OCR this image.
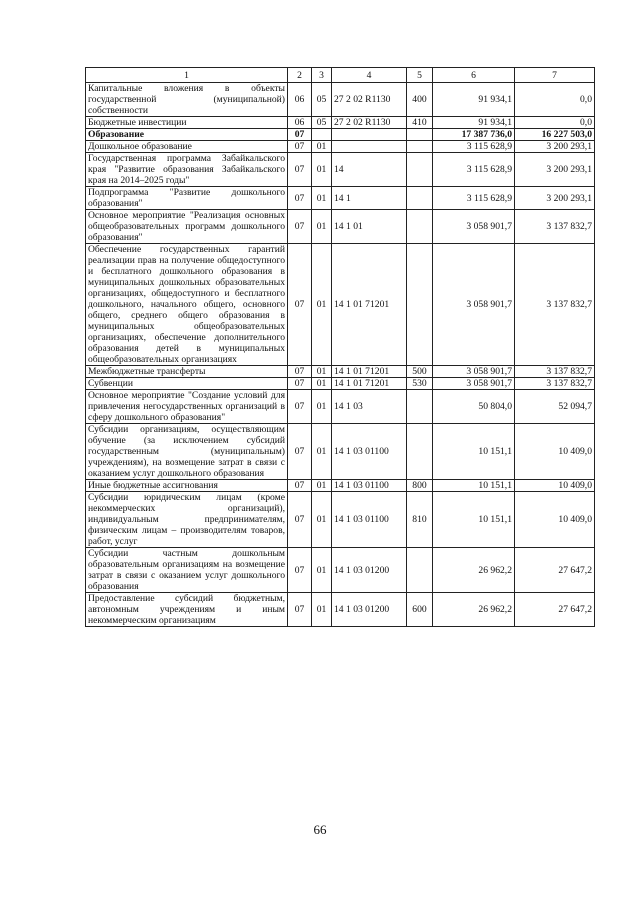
1	2	3	4	5	6	7
Капитальные вложения в объекты государственной (муниципальной) собственности	06	05	27 2 02 R1130	400	91 934,1	0,0
Бюджетные инвестиции	06	05	27 2 02 R1130	410	91 934,1	0,0
Образование	07				17 387 736,0	16 227 503,0
Дошкольное образование	07	01			3 115 628,9	3 200 293,1
Государственная программа Забайкальского края "Развитие образования Забайкальского края на 2014–2025 годы"	07	01	14		3 115 628,9	3 200 293,1
Подпрограмма "Развитие дошкольного образования"	07	01	14 1		3 115 628,9	3 200 293,1
Основное мероприятие "Реализация основных общеобразовательных программ дошкольного образования"	07	01	14 1 01		3 058 901,7	3 137 832,7
Обеспечение государственных гарантий реализации прав на получение общедоступного и бесплатного дошкольного образования в муниципальных дошкольных образовательных организациях, общедоступного и бесплатного дошкольного, начального общего, основного общего, среднего общего образования в муниципальных общеобразовательных организациях, обеспечение дополнительного образования детей в муниципальных общеобразовательных организациях	07	01	14 1 01 71201		3 058 901,7	3 137 832,7
Межбюджетные трансферты	07	01	14 1 01 71201	500	3 058 901,7	3 137 832,7
Субвенции	07	01	14 1 01 71201	530	3 058 901,7	3 137 832,7
Основное мероприятие "Создание условий для привлечения негосударственных организаций в сферу дошкольного образования"	07	01	14 1 03		50 804,0	52 094,7
Субсидии организациям, осуществляющим обучение (за исключением субсидий государственным (муниципальным) учреждениям), на возмещение затрат в связи с оказанием услуг дошкольного образования	07	01	14 1 03 01100		10 151,1	10 409,0
Иные бюджетные ассигнования	07	01	14 1 03 01100	800	10 151,1	10 409,0
Субсидии юридическим лицам (кроме некоммерческих организаций), индивидуальным предпринимателям, физическим лицам – производителям товаров, работ, услуг	07	01	14 1 03 01100	810	10 151,1	10 409,0
Субсидии частным дошкольным образовательным организациям на возмещение затрат в связи с оказанием услуг дошкольного образования	07	01	14 1 03 01200		26 962,2	27 647,2
Предоставление субсидий бюджетным, автономным учреждениям и иным некоммерческим организациям	07	01	14 1 03 01200	600	26 962,2	27 647,2
66
